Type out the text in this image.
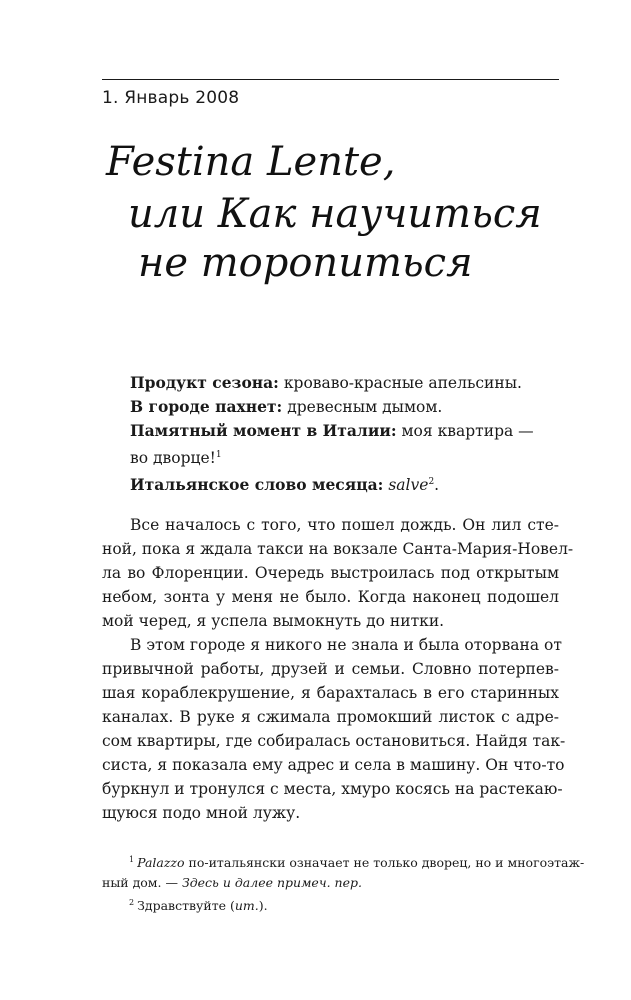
1. Январь 2008
Festina Lente,
или Как научиться
не торопиться
Продукт сезона: кроваво-красные апельсины.
В городе пахнет: древесным дымом.
Памятный момент в Италии: моя квартира —
во дворце!$^1$
Итальянское слово месяца: salve$^2$.
Все началось с того, что пошел дождь. Он лил сте-
ной, пока я ждала такси на вокзале Санта-Мария-Новел-
ла во Флоренции. Очередь выстроилась под открытым
небом, зонта у меня не было. Когда наконец подошел
мой черед, я успела вымокнуть до нитки.
В этом городе я никого не знала и была оторвана от
привычной работы, друзей и семьи. Словно потерпев-
шая кораблекрушение, я барахталась в его старинных
каналах. В руке я сжимала промокший листок с адре-
сом квартиры, где собиралась остановиться. Найдя так-
систа, я показала ему адрес и села в машину. Он что-то
буркнул и тронулся с места, хмуро косясь на растекаю-
щуюся подо мной лужу.
$^1$ Palazzo по-итальянски означает не только дворец, но и многоэтаж-
ный дом. — Здесь и далее примеч. пер.
$^2$ Здравствуйте (ит.).
